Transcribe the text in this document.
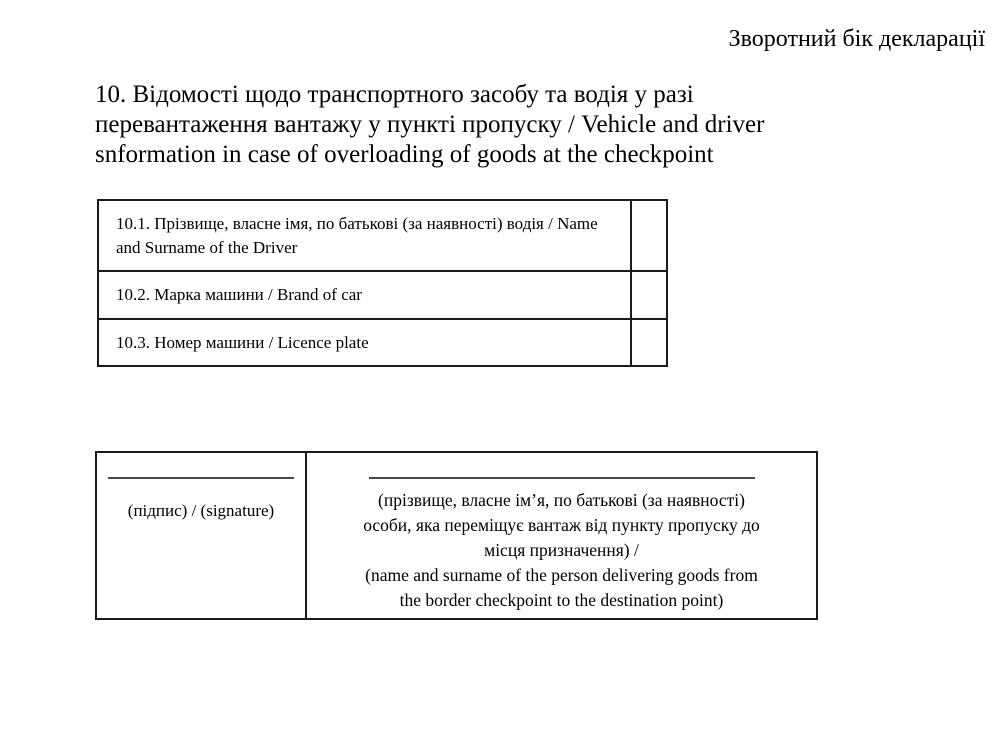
Зворотний бік декларації
10. Відомості щодо транспортного засобу та водія у разі
перевантаження вантажу у пункті пропуску / Vehicle and driver
snformation in case of overloading of goods at the checkpoint
10.1. Прізвище, власне імя, по батькові (за наявності) водія / Name and Surname of the Driver
10.2. Марка машини / Brand of car
10.3. Номер машини / Licence plate
(підпис) / (signature)
(прізвище, власне ім’я, по батькові (за наявності)
особи, яка переміщує вантаж від пункту пропуску до
місця призначення) /
(name and surname of the person delivering goods from
the border checkpoint to the destination point)
